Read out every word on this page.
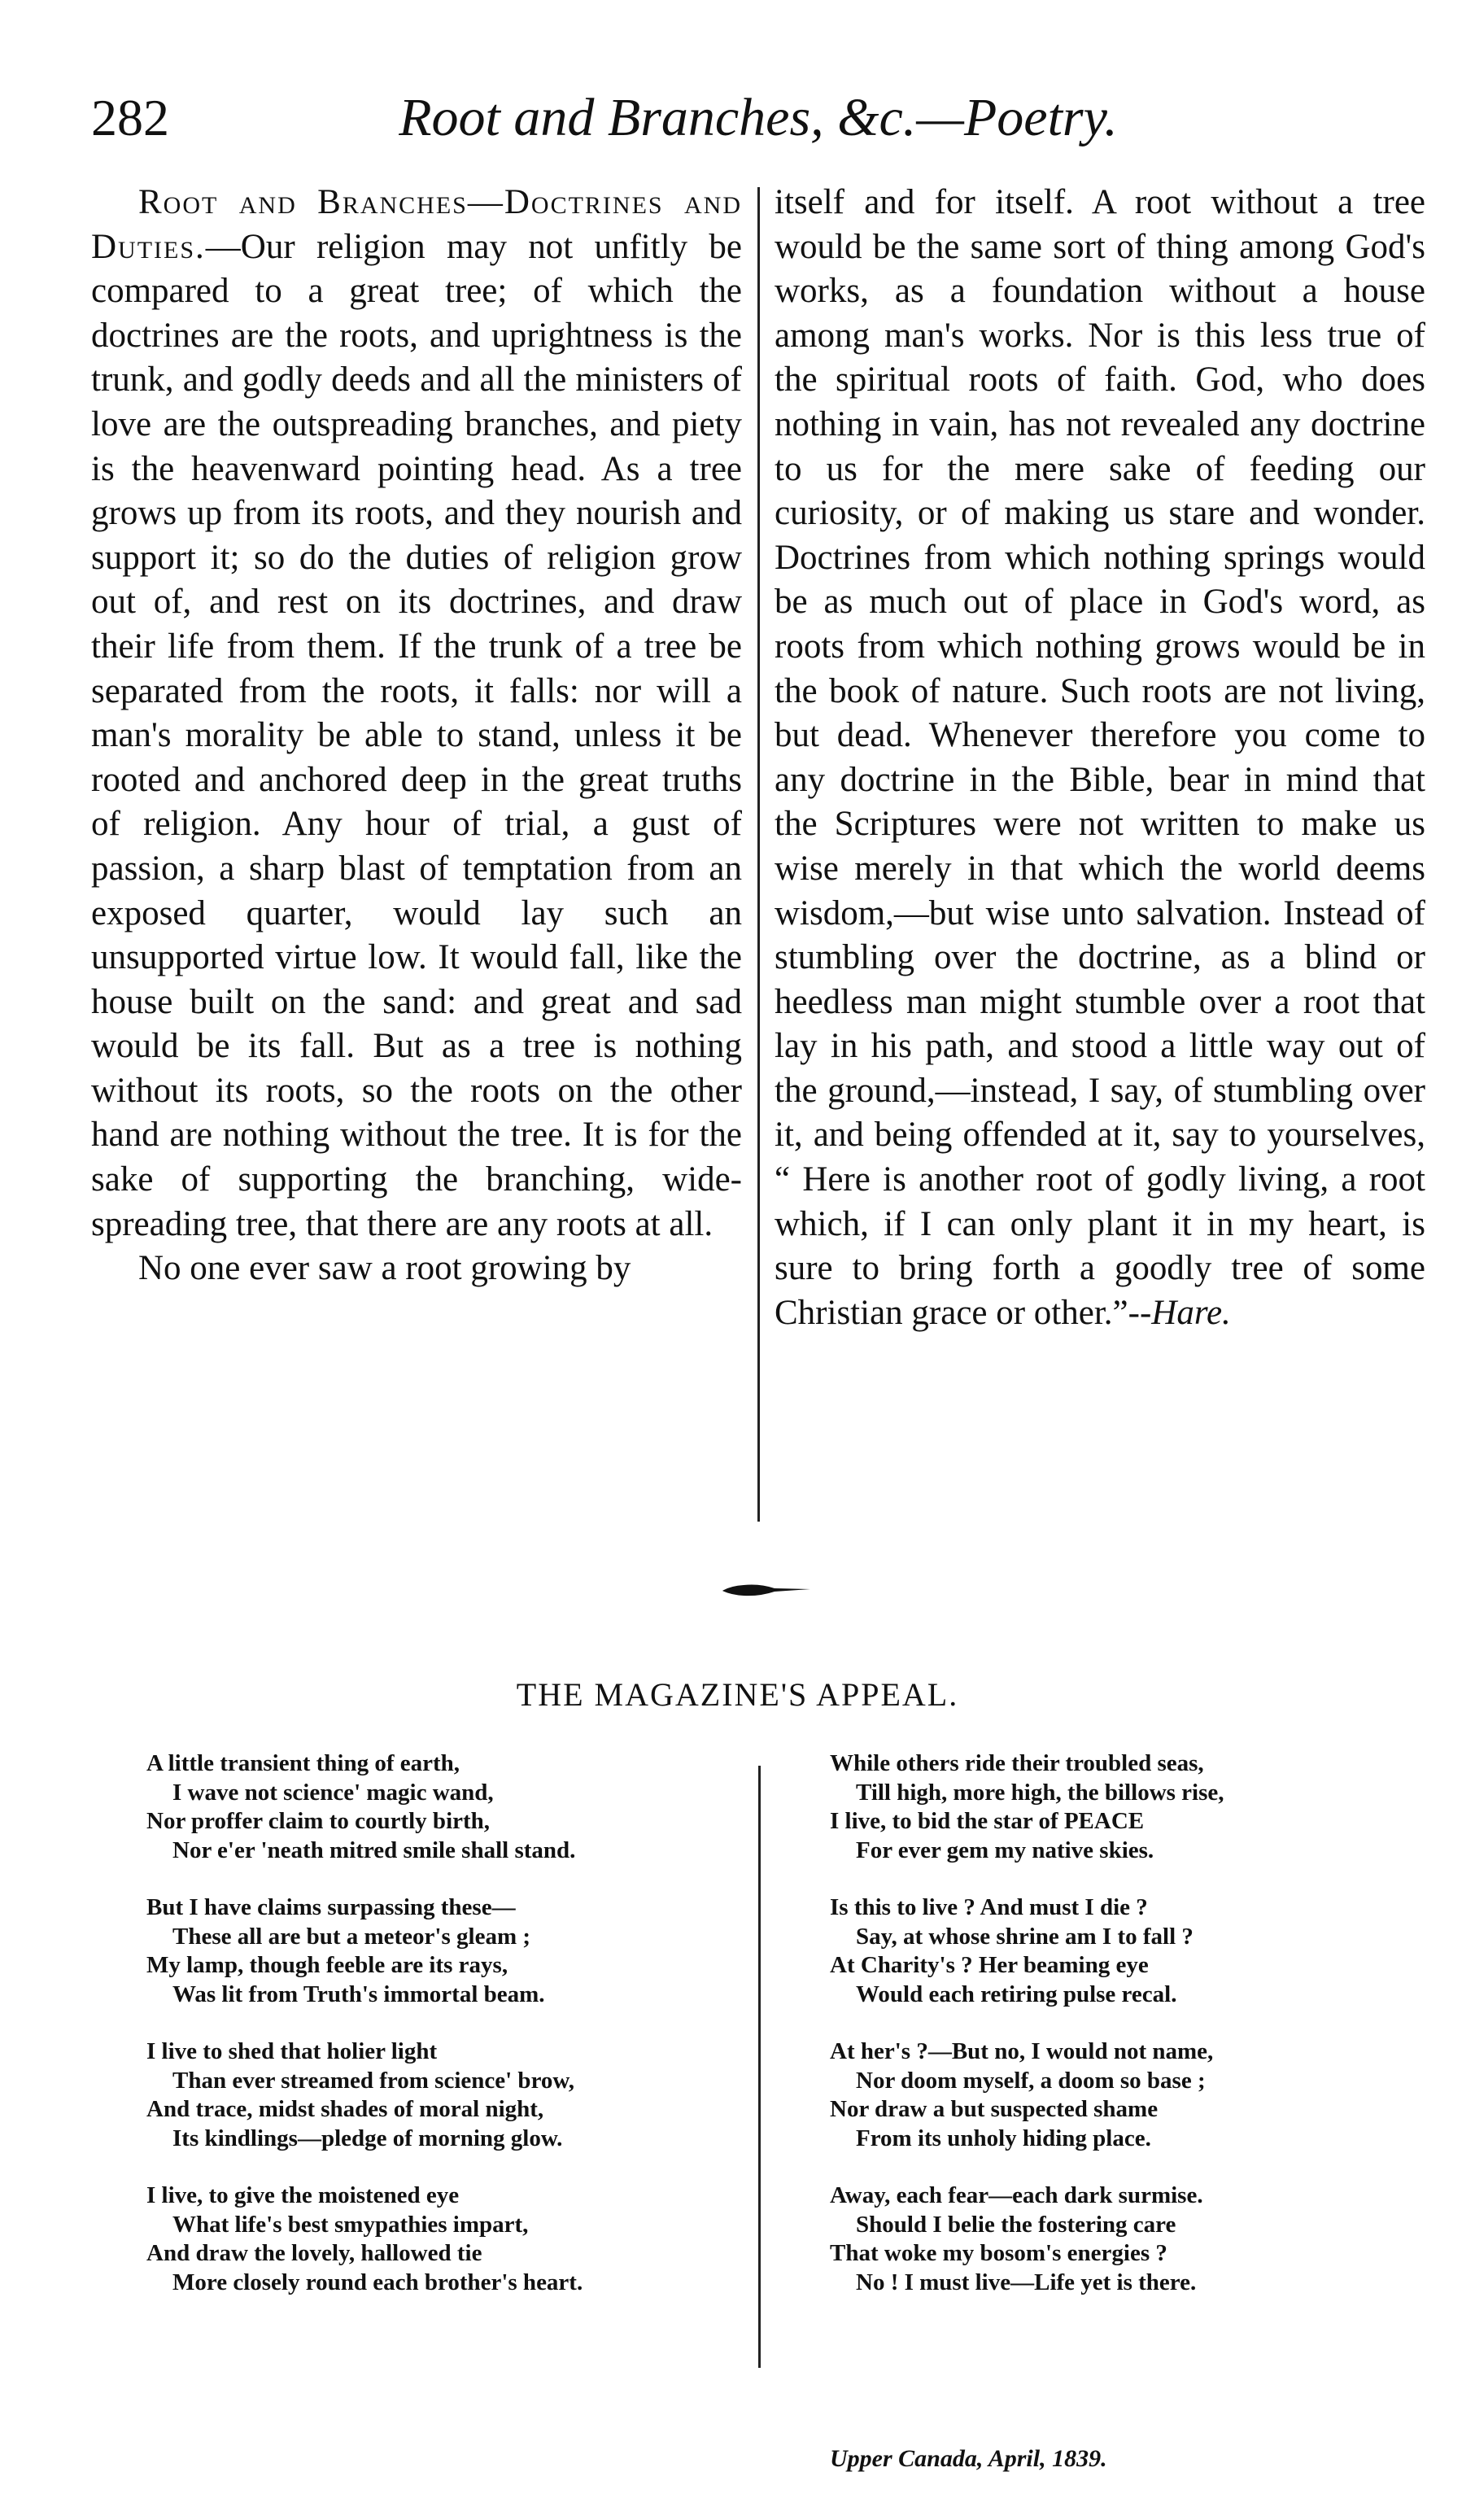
282	Root and Branches, &c.—Poetry.

Root and Branches—Doctrines and Duties.—Our religion may not unfitly be compared to a great tree; of which the doctrines are the roots, and uprightness is the trunk, and godly deeds and all the ministers of love are the outspreading branches, and piety is the heavenward pointing head. As a tree grows up from its roots, and they nourish and support it; so do the duties of religion grow out of, and rest on its doctrines, and draw their life from them. If the trunk of a tree be separated from the roots, it falls: nor will a man's morality be able to stand, unless it be rooted and anchored deep in the great truths of religion. Any hour of trial, a gust of passion, a sharp blast of temptation from an exposed quarter, would lay such an unsupported virtue low. It would fall, like the house built on the sand: and great and sad would be its fall. But as a tree is nothing without its roots, so the roots on the other hand are nothing without the tree. It is for the sake of supporting the branching, wide-spreading tree, that there are any roots at all.

No one ever saw a root growing by

itself and for itself. A root without a tree would be the same sort of thing among God's works, as a foundation without a house among man's works. Nor is this less true of the spiritual roots of faith. God, who does nothing in vain, has not revealed any doctrine to us for the mere sake of feeding our curiosity, or of making us stare and wonder. Doctrines from which nothing springs would be as much out of place in God's word, as roots from which nothing grows would be in the book of nature. Such roots are not living, but dead. Whenever therefore you come to any doctrine in the Bible, bear in mind that the Scriptures were not written to make us wise merely in that which the world deems wisdom,—but wise unto salvation. Instead of stumbling over the doctrine, as a blind or heedless man might stumble over a root that lay in his path, and stood a little way out of the ground,—instead, I say, of stumbling over it, and being offended at it, say to yourselves, “ Here is another root of godly living, a root which, if I can only plant it in my heart, is sure to bring forth a goodly tree of some Christian grace or other.”--Hare.

THE MAGAZINE'S APPEAL.
A little transient thing of earth,
I wave not science' magic wand,
Nor proffer claim to courtly birth,
Nor e'er 'neath mitred smile shall stand.
But I have claims surpassing these—
These all are but a meteor's gleam ;
My lamp, though feeble are its rays,
Was lit from Truth's immortal beam.
I live to shed that holier light
Than ever streamed from science' brow,
And trace, midst shades of moral night,
Its kindlings—pledge of morning glow.
I live, to give the moistened eye
What life's best smypathies impart,
And draw the lovely, hallowed tie
More closely round each brother's heart.
While others ride their troubled seas,
Till high, more high, the billows rise,
I live, to bid the star of PEACE
For ever gem my native skies.
Is this to live ? And must I die ?
Say, at whose shrine am I to fall ?
At Charity's ? Her beaming eye
Would each retiring pulse recal.
At her's ?—But no, I would not name,
Nor doom myself, a doom so base ;
Nor draw a but suspected shame
From its unholy hiding place.
Away, each fear—each dark surmise.
Should I belie the fostering care
That woke my bosom's energies ?
No ! I must live—Life yet is there.
Upper Canada, April, 1839.
